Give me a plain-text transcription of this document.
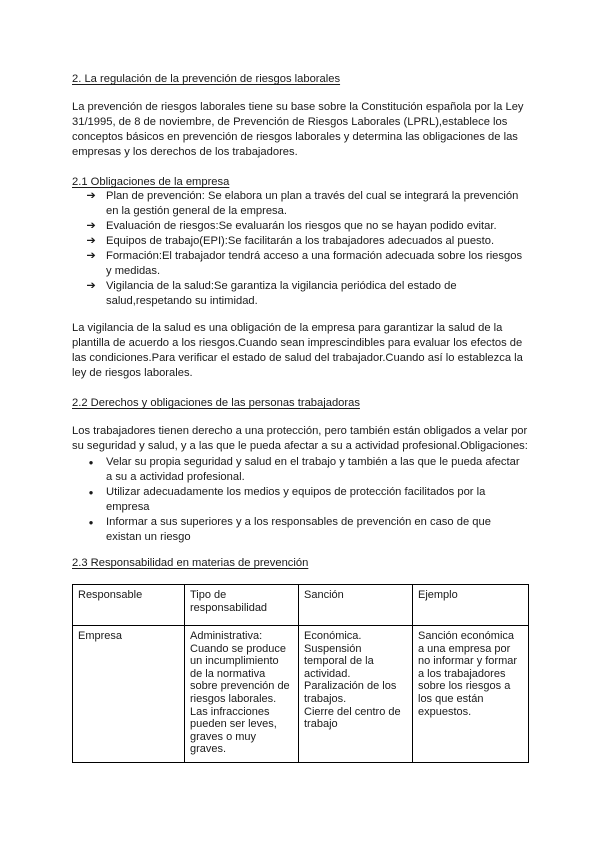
2. La regulación de la prevención de riesgos laborales

La prevención de riesgos laborales tiene su base sobre la Constitución española por la Ley 31/1995, de 8 de noviembre, de Prevención de Riesgos Laborales (LPRL),establece los conceptos básicos en prevención de riesgos laborales y determina las obligaciones de las empresas y los derechos de los trabajadores.

2.1 Obligaciones de la empresa
➔ Plan de prevención: Se elabora un plan a través del cual se integrará la prevención en la gestión general de la empresa.
➔ Evaluación de riesgos:Se evaluarán los riesgos que no se hayan podido evitar.
➔ Equipos de trabajo(EPI):Se facilitarán a los trabajadores adecuados al puesto.
➔ Formación:El trabajador tendrá acceso a una formación adecuada sobre los riesgos y medidas.
➔ Vigilancia de la salud:Se garantiza la vigilancia periódica del estado de salud,respetando su intimidad.

La vigilancia de la salud es una obligación de la empresa para garantizar la salud de la plantilla de acuerdo a los riesgos.Cuando sean imprescindibles para evaluar los efectos de las condiciones.Para verificar el estado de salud del trabajador.Cuando así lo establezca la ley de riesgos laborales.

2.2 Derechos y obligaciones de las personas trabajadoras

Los trabajadores tienen derecho a una protección, pero también están obligados a velar por su seguridad y salud, y a las que le pueda afectar a su a actividad profesional.Obligaciones:

●	Velar su propia seguridad y salud en el trabajo y también a las que le pueda afectar a su a actividad profesional.
●	Utilizar adecuadamente los medios y equipos de protección facilitados por la empresa
●	Informar a sus superiores y a los responsables de prevención en caso de que existan un riesgo
2.3 Responsabilidad en materias de prevención
Responsable	Tipo de responsabilidad	Sanción	Ejemplo
Empresa	Administrativa: Cuando se produce un incumplimiento de la normativa sobre prevención de riesgos laborales. Las infracciones pueden ser leves, graves o muy graves.	Económica.
Suspensión temporal de la actividad.
Paralización de los trabajos.
Cierre del centro de trabajo	Sanción económica a una empresa por no informar y formar a los trabajadores sobre los riesgos a los que están expuestos.
